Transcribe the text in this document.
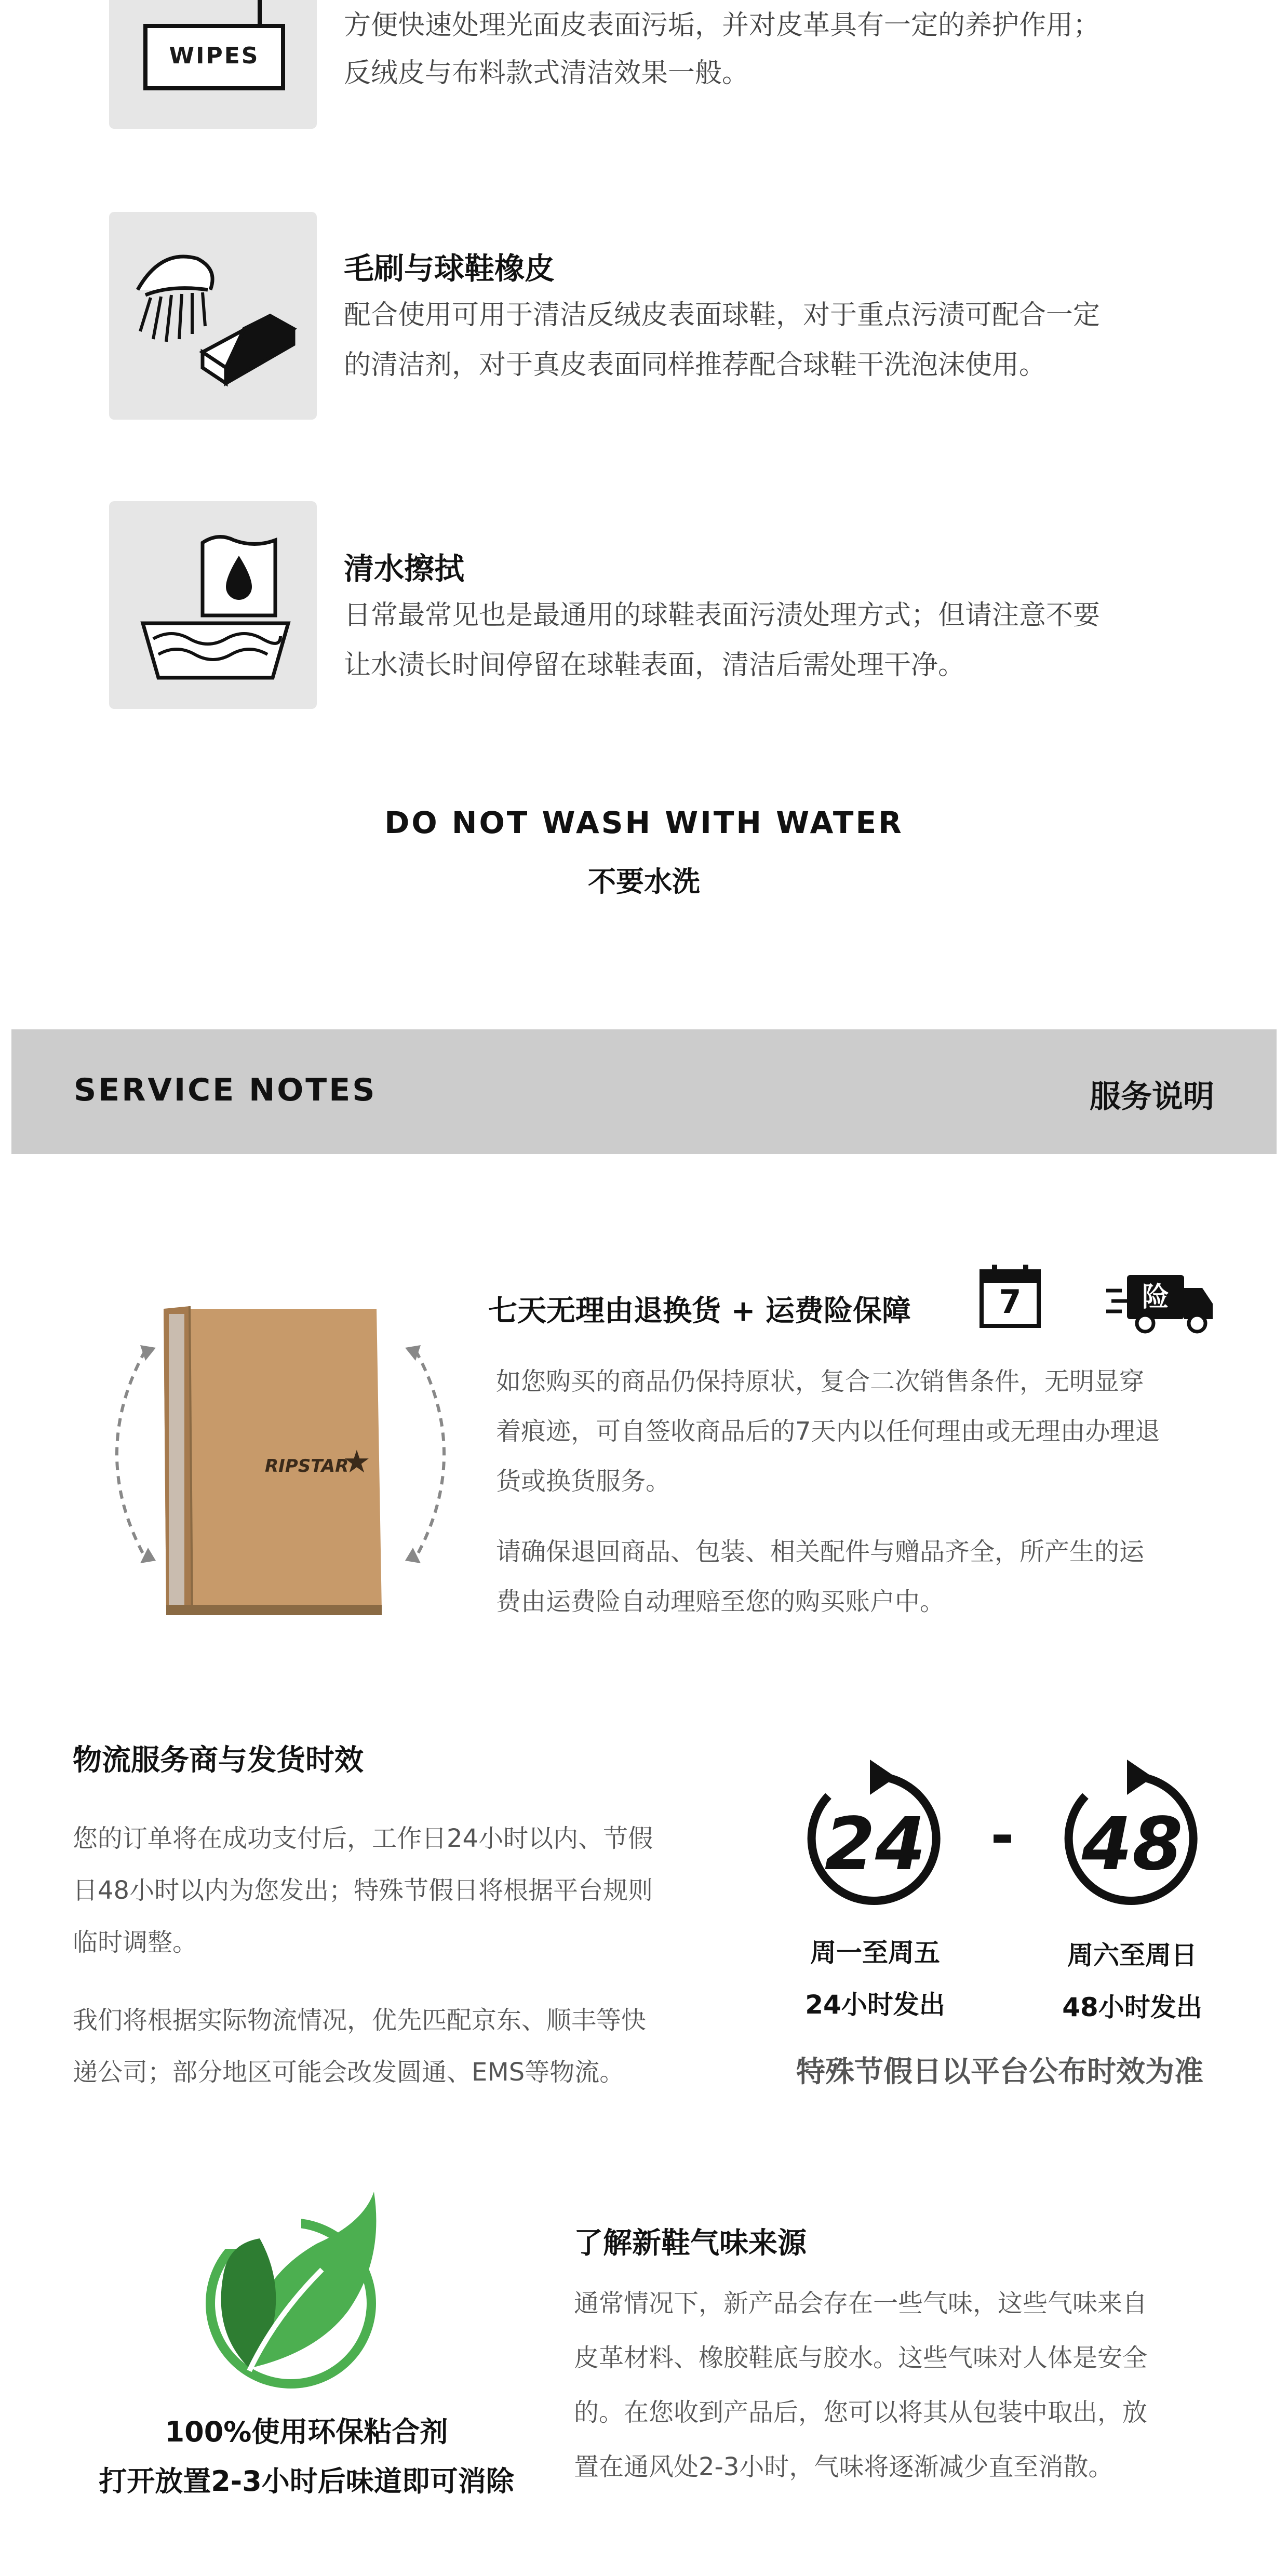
WIPES
方便快速处理光面皮表面污垢，并对皮革具有一定的养护作用；
反绒皮与布料款式清洁效果一般。
毛刷与球鞋橡皮
配合使用可用于清洁反绒皮表面球鞋，对于重点污渍可配合一定
的清洁剂，对于真皮表面同样推荐配合球鞋干洗泡沫使用。
清水擦拭
日常最常见也是最通用的球鞋表面污渍处理方式；但请注意不要
让水渍长时间停留在球鞋表面，清洁后需处理干净。
DO NOT WASH WITH WATER
不要水洗
SERVICE NOTES	服务说明
RIPSTAR
★
七天无理由退换货 + 运费险保障	7	险
如您购买的商品仍保持原状，复合二次销售条件，无明显穿
着痕迹，可自签收商品后的7天内以任何理由或无理由办理退
货或换货服务。
请确保退回商品、包装、相关配件与赠品齐全，所产生的运
费由运费险自动理赔至您的购买账户中。
物流服务商与发货时效
您的订单将在成功支付后，工作日24小时以内、节假
日48小时以内为您发出；特殊节假日将根据平台规则
临时调整。
我们将根据实际物流情况，优先匹配京东、顺丰等快
递公司；部分地区可能会改发圆通、EMS等物流。
24
周一至周五
24小时发出
- 48
周六至周日
48小时发出
特殊节假日以平台公布时效为准
100%使用环保粘合剂
打开放置2-3小时后味道即可消除
了解新鞋气味来源
通常情况下，新产品会存在一些气味，这些气味来自
皮革材料、橡胶鞋底与胶水。这些气味对人体是安全
的。在您收到产品后，您可以将其从包装中取出，放
置在通风处2-3小时，气味将逐渐减少直至消散。
